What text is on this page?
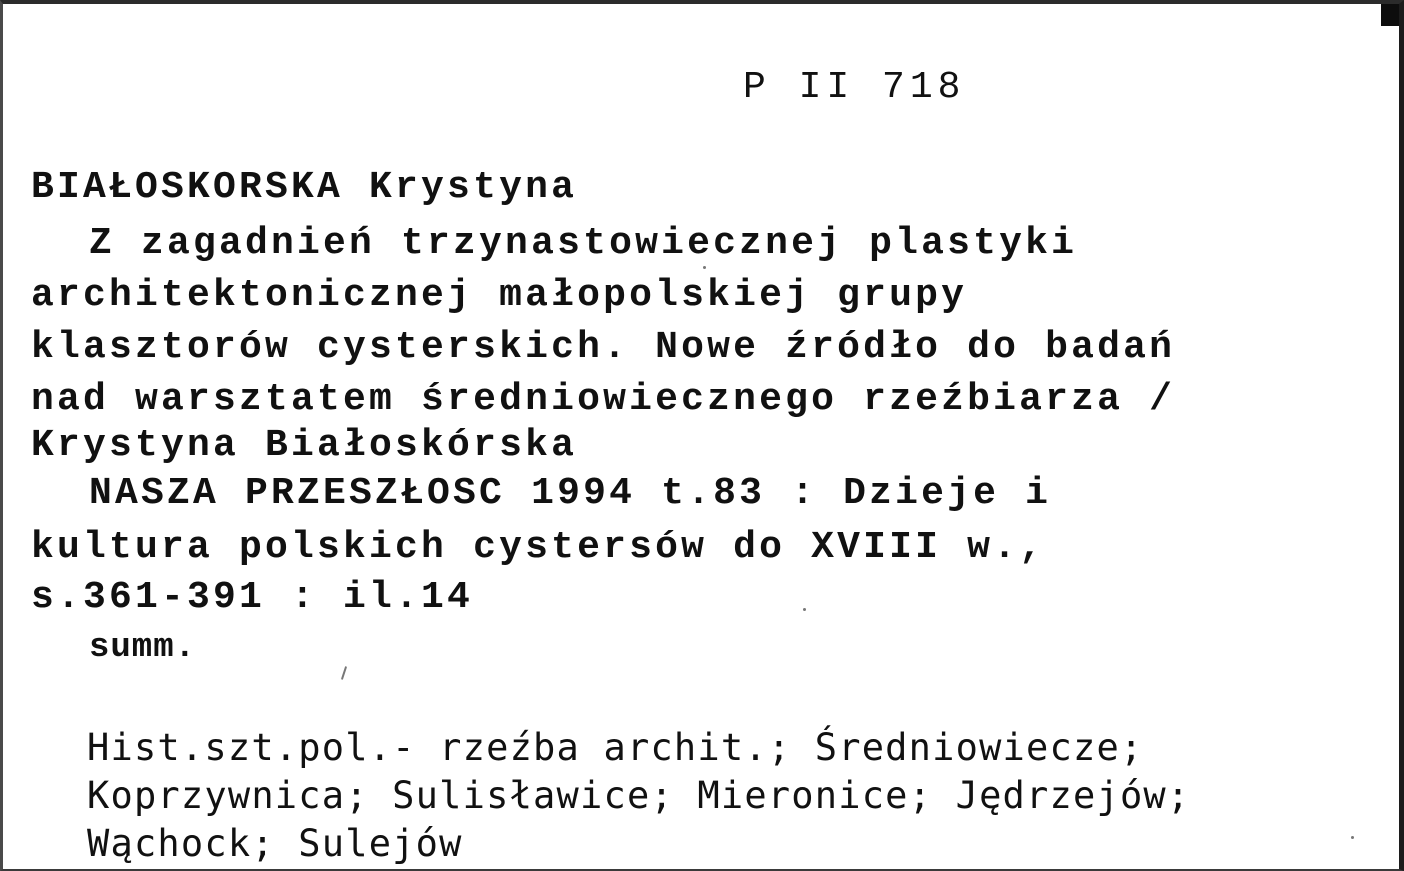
P II 718
BIAŁOSKORSKA Krystyna
Z zagadnień trzynastowiecznej plastyki
architektonicznej małopolskiej grupy
klasztorów cysterskich. Nowe źródło do badań
nad warsztatem średniowiecznego rzeźbiarza /
Krystyna Białoskórska
NASZA PRZESZŁOSC 1994 t.83 : Dzieje i
kultura polskich cystersów do XVIII w.,
s.361-391 : il.14
summ.
Hist.szt.pol.- rzeźba archit.; Średniowiecze;
Koprzywnica; Sulisławice; Mieronice; Jędrzejów;
Wąchock; Sulejów
